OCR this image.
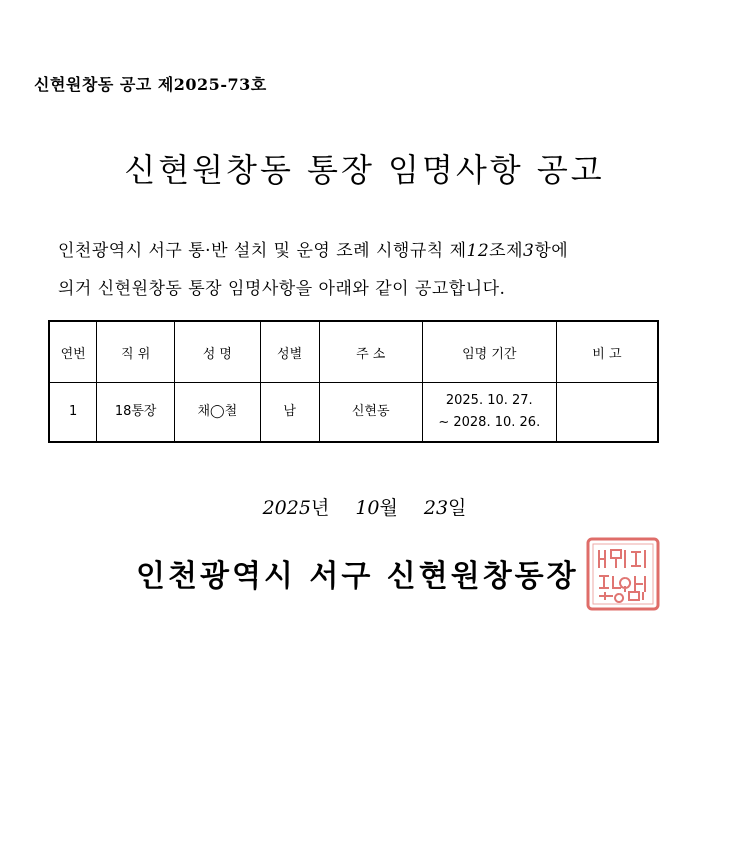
신현원창동 공고 제2025-73호
신현원창동 통장 임명사항 공고
인천광역시 서구 통·반 설치 및 운영 조례 시행규칙 제12조제3항에
의거 신현원창동 통장 임명사항을 아래와 같이 공고합니다.
연번	직 위	성 명	성별	주 소	임명 기간	비 고
1	18통장	채◯철	남	신현동	2025. 10. 27.
~ 2028. 10. 26.	

2025년 10월 23일
인천광역시 서구 신현원창동장
